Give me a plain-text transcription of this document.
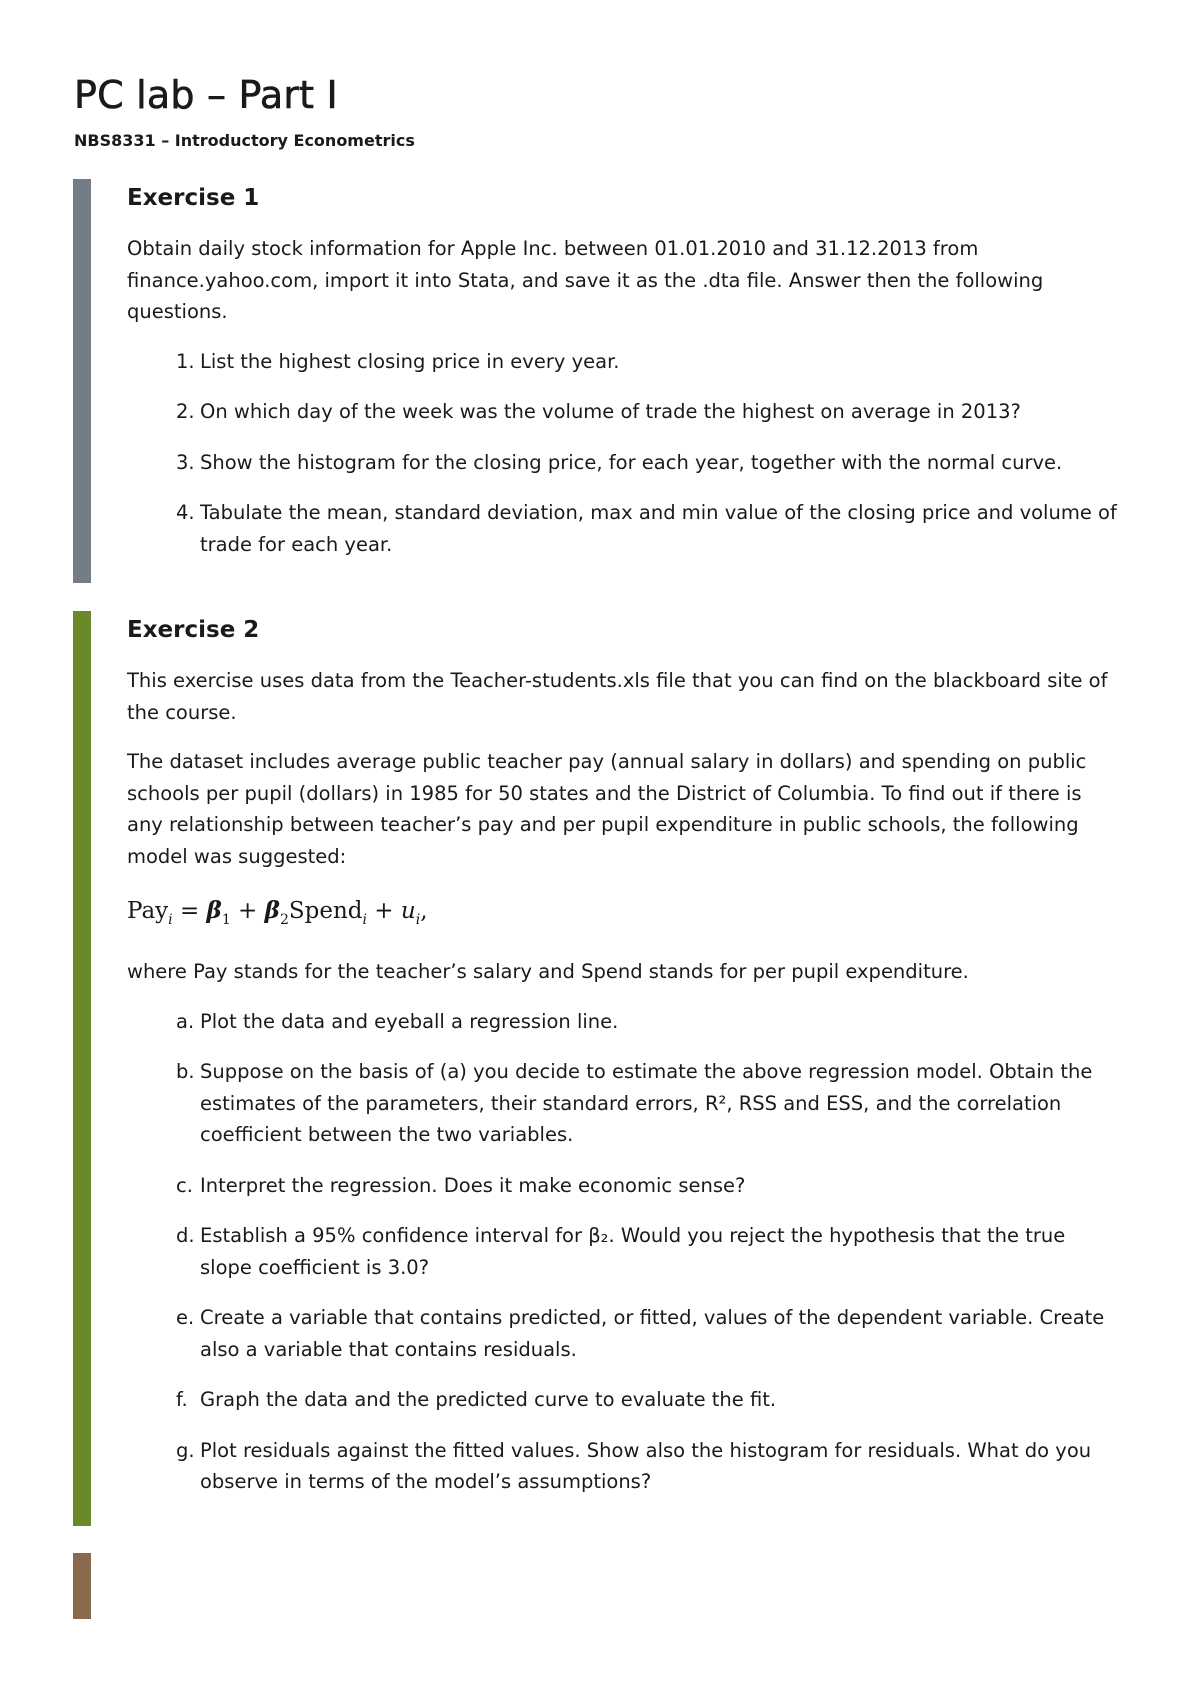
PC lab – Part I

NBS8331 – Introductory Econometrics

Exercise 1

Obtain daily stock information for Apple Inc. between 01.01.2010 and 31.12.2013 from finance.yahoo.com, import it into Stata, and save it as the .dta file. Answer then the following questions.

1. List the highest closing price in every year.
2. On which day of the week was the volume of trade the highest on average in 2013?
3. Show the histogram for the closing price, for each year, together with the normal curve.
4. Tabulate the mean, standard deviation, max and min value of the closing price and volume of trade for each year.
Exercise 2

This exercise uses data from the Teacher-students.xls file that you can find on the blackboard site of the course.

The dataset includes average public teacher pay (annual salary in dollars) and spending on public schools per pupil (dollars) in 1985 for 50 states and the District of Columbia. To find out if there is any relationship between teacher’s pay and per pupil expenditure in public schools, the following model was suggested:

$Pay_i = \beta_1$ + $\beta_2Spend_i + u_i$,

where Pay stands for the teacher’s salary and Spend stands for per pupil expenditure.

a. Plot the data and eyeball a regression line.
b. Suppose on the basis of (a) you decide to estimate the above regression model. Obtain the estimates of the parameters, their standard errors, R², RSS and ESS, and the correlation coefficient between the two variables.
c. Interpret the regression. Does it make economic sense?
d. Establish a 95% confidence interval for β₂. Would you reject the hypothesis that the true slope coefficient is 3.0?
e. Create a variable that contains predicted, or fitted, values of the dependent variable. Create also a variable that contains residuals.
f. Graph the data and the predicted curve to evaluate the fit.
g. Plot residuals against the fitted values. Show also the histogram for residuals. What do you observe in terms of the model’s assumptions?
